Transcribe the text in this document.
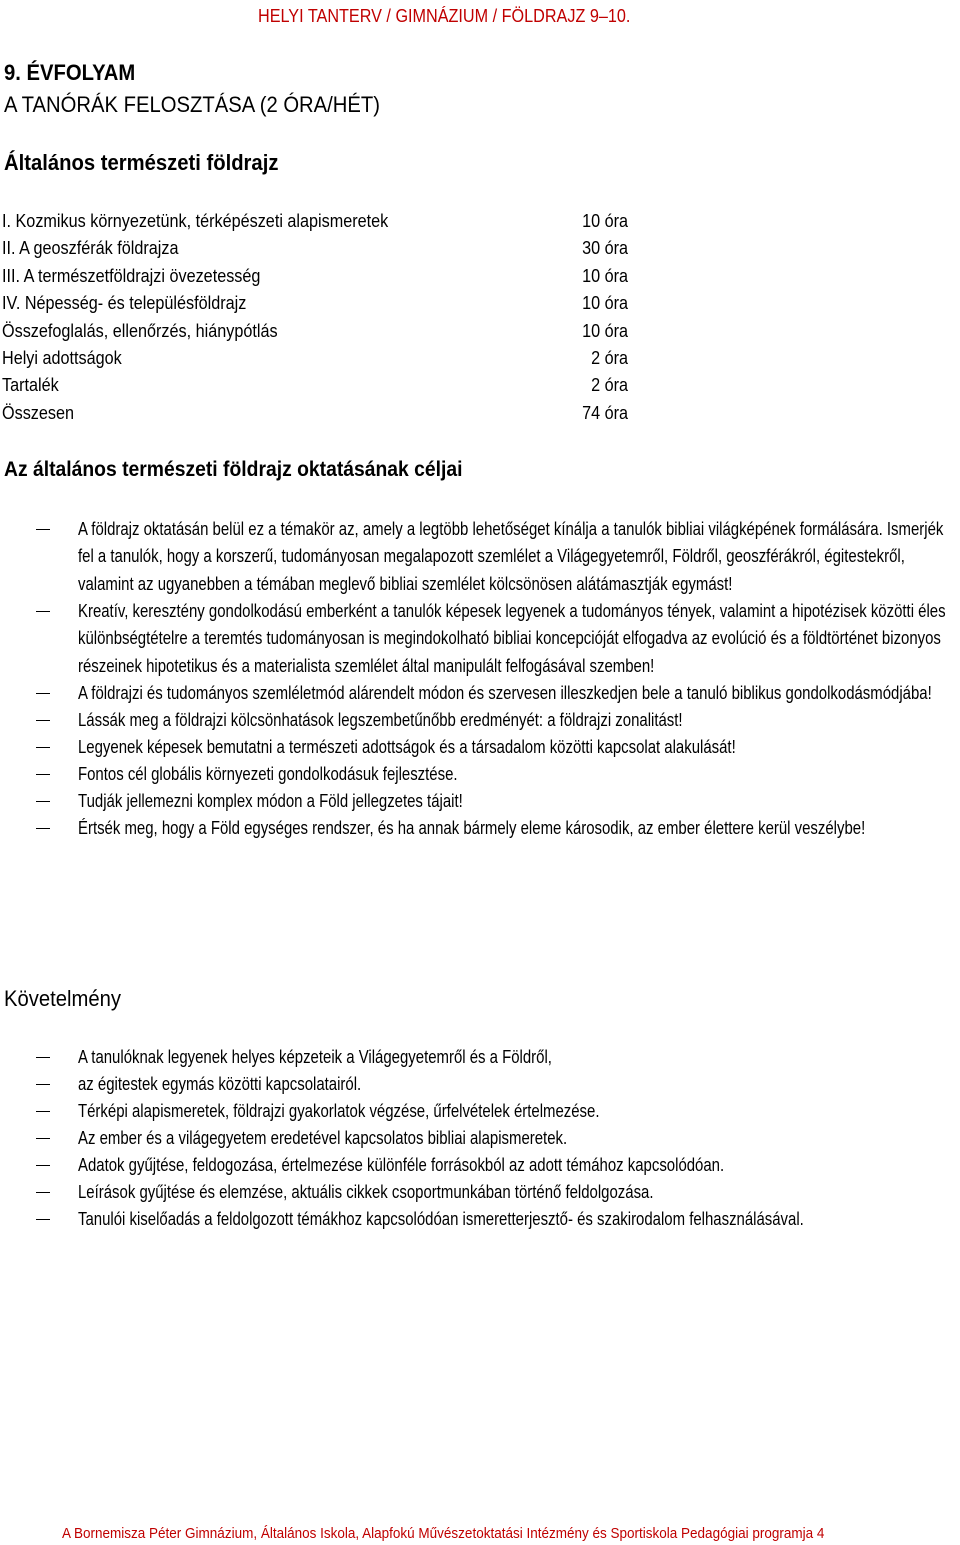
HELYI TANTERV / GIMNÁZIUM / FÖLDRAJZ 9–10.
9. ÉVFOLYAM
A TANÓRÁK FELOSZTÁSA (2 ÓRA/HÉT)
Általános természeti földrajz
I. Kozmikus környezetünk, térképészeti alapismeretek	10 óra
II. A geoszférák földrajza	30 óra
III. A természetföldrajzi övezetesség	10 óra
IV. Népesség- és településföldrajz	10 óra
Összefoglalás, ellenőrzés, hiánypótlás	10 óra
Helyi adottságok	2 óra
Tartalék	2 óra
Összesen	74 óra
Az általános természeti földrajz oktatásának céljai
A földrajz oktatásán belül ez a témakör az, amely a legtöbb lehetőséget kínálja a tanulók bibliai világképének formálására. Ismerjék fel a tanulók, hogy a korszerű, tudományosan megalapozott szemlélet a Világegyetemről, Földről, geoszférákról, égitestekről, valamint az ugyanebben a témában meglevő bibliai szemlélet kölcsönösen alátámasztják egymást!
Kreatív, keresztény gondolkodású emberként a tanulók képesek legyenek a tudományos tények, valamint a hipotézisek közötti éles különbségtételre a teremtés tudományosan is megindokolható bibliai koncepcióját elfogadva az evolúció és a földtörténet bizonyos részeinek hipotetikus és a materialista szemlélet által manipulált felfogásával szemben!
A földrajzi és tudományos szemléletmód alárendelt módon és szervesen illeszkedjen bele a tanuló biblikus gondolkodásmódjába!
Lássák meg a földrajzi kölcsönhatások legszembetűnőbb eredményét: a földrajzi zonalitást!
Legyenek képesek bemutatni a természeti adottságok és a társadalom közötti kapcsolat alakulását!
Fontos cél globális környezeti gondolkodásuk fejlesztése.
Tudják jellemezni komplex módon a Föld jellegzetes tájait!
Értsék meg, hogy a Föld egységes rendszer, és ha annak bármely eleme károsodik, az ember élettere kerül veszélybe!
Követelmény
A tanulóknak legyenek helyes képzeteik a Világegyetemről és a Földről,
az égitestek egymás közötti kapcsolatairól.
Térképi alapismeretek, földrajzi gyakorlatok végzése, űrfelvételek értelmezése.
Az ember és a világegyetem eredetével kapcsolatos bibliai alapismeretek.
Adatok gyűjtése, feldogozása, értelmezése különféle forrásokból az adott témához kapcsolódóan.
Leírások gyűjtése és elemzése, aktuális cikkek csoportmunkában történő feldolgozása.
Tanulói kiselőadás a feldolgozott témákhoz kapcsolódóan ismeretterjesztő- és szakirodalom felhasználásával.
A Bornemisza Péter Gimnázium, Általános Iskola, Alapfokú Művészetoktatási Intézmény és Sportiskola Pedagógiai programja 4
